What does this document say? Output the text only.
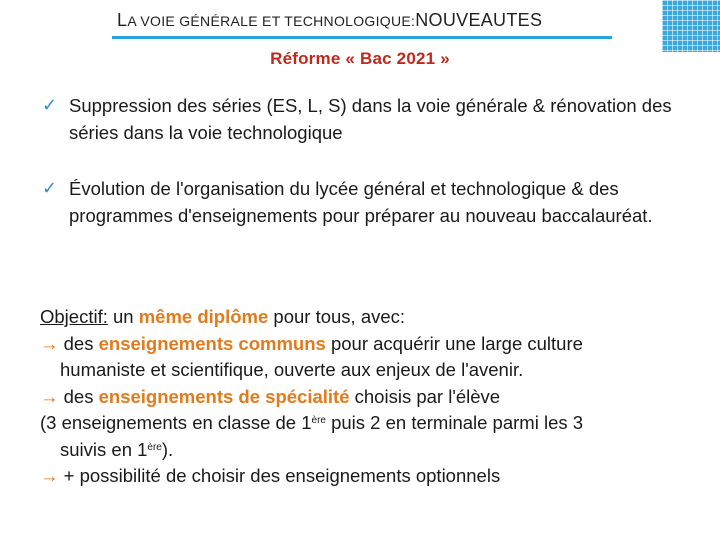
LA VOIE GÉNÉRALE ET TECHNOLOGIQUE:NOUVEAUTES
Réforme « Bac 2021 »
✓ Suppression des séries (ES, L, S) dans la voie générale & rénovation des séries dans la voie technologique
✓ Évolution de l'organisation du lycée général et technologique & des programmes d'enseignements pour préparer au nouveau baccalauréat.

Objectif: un même diplôme pour tous, avec:

→ des enseignements communs pour acquérir une large culture

humaniste et scientifique, ouverte aux enjeux de l'avenir.

→ des enseignements de spécialité choisis par l'élève

(3 enseignements en classe de 1ère puis 2 en terminale parmi les 3

suivis en 1ère).

→ + possibilité de choisir des enseignements optionnels
